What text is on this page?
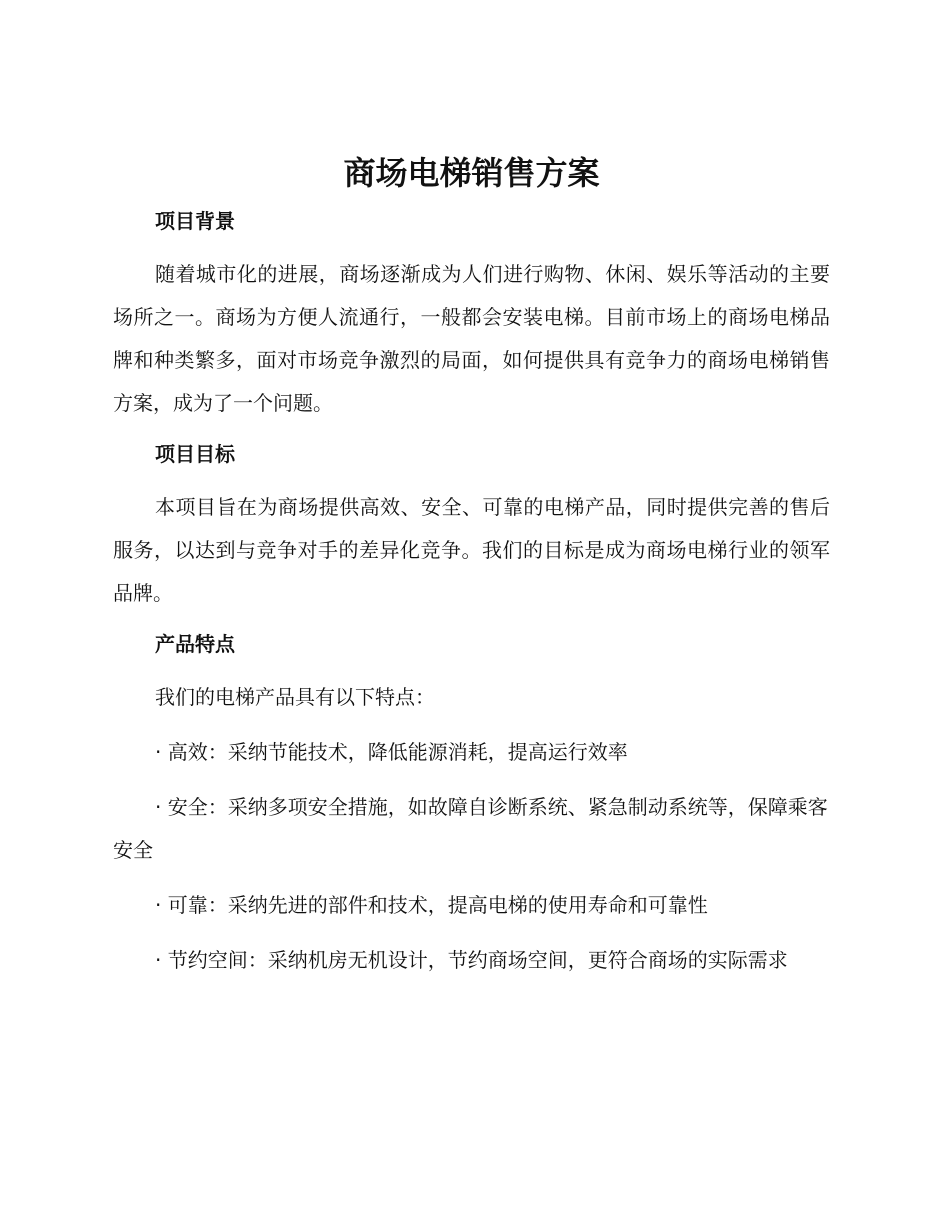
商场电梯销售方案
项目背景

随着城市化的进展，商场逐渐成为人们进行购物、休闲、娱乐等活动的主要场所之一。商场为方便人流通行，一般都会安装电梯。目前市场上的商场电梯品牌和种类繁多，面对市场竞争激烈的局面，如何提供具有竞争力的商场电梯销售方案，成为了一个问题。

项目目标

本项目旨在为商场提供高效、安全、可靠的电梯产品，同时提供完善的售后服务，以达到与竞争对手的差异化竞争。我们的目标是成为商场电梯行业的领军品牌。

产品特点

我们的电梯产品具有以下特点：

· 高效：采纳节能技术，降低能源消耗，提高运行效率

· 安全：采纳多项安全措施，如故障自诊断系统、紧急制动系统等，保障乘客安全

· 可靠：采纳先进的部件和技术，提高电梯的使用寿命和可靠性

· 节约空间：采纳机房无机设计，节约商场空间，更符合商场的实际需求
